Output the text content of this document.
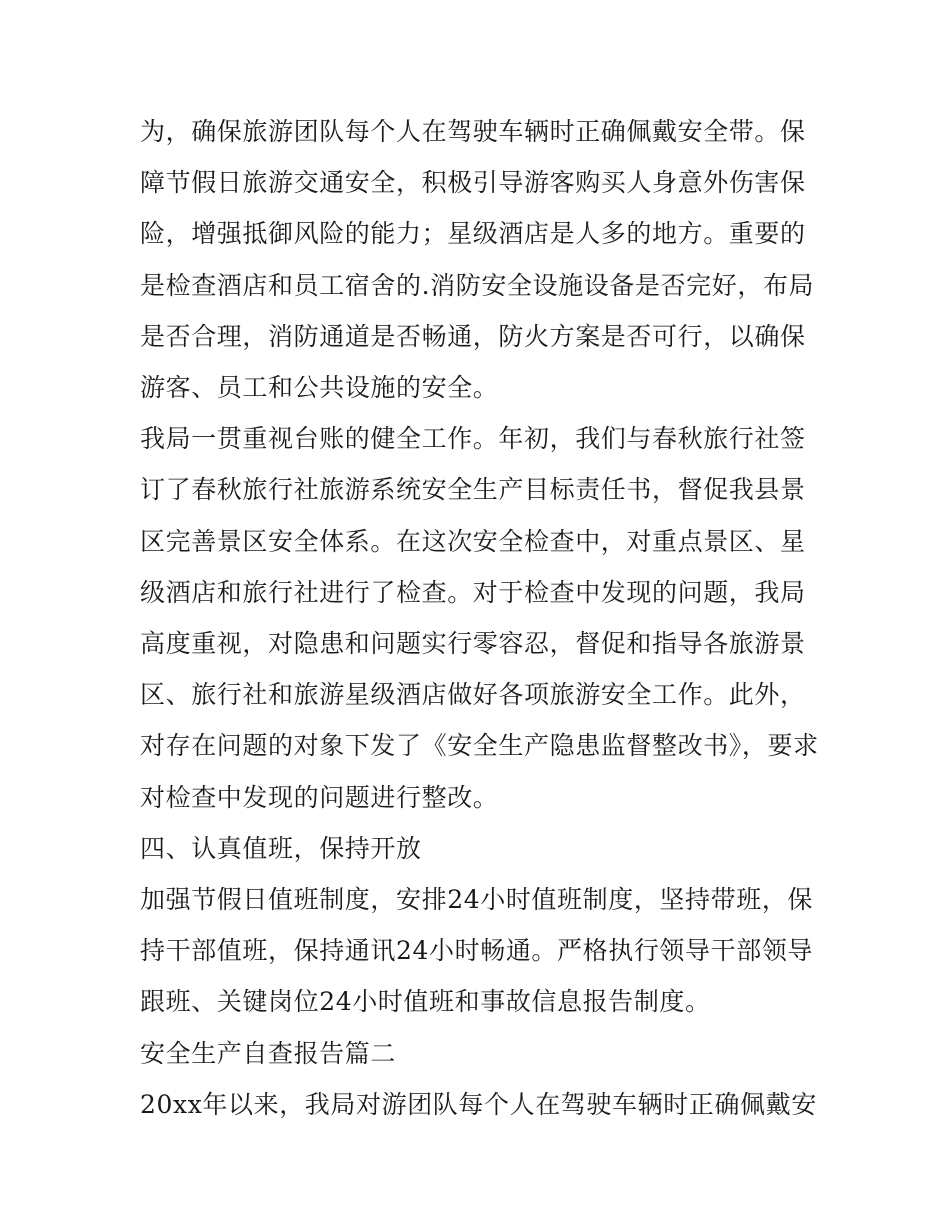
为，确保旅游团队每个人在驾驶车辆时正确佩戴安全带。保障节假日旅游交通安全，积极引导游客购买人身意外伤害保险，增强抵御风险的能力；星级酒店是人多的地方。重要的是检查酒店和员工宿舍的.消防安全设施设备是否完好，布局是否合理，消防通道是否畅通，防火方案是否可行，以确保游客、员工和公共设施的安全。

我局一贯重视台账的健全工作。年初，我们与春秋旅行社签订了春秋旅行社旅游系统安全生产目标责任书，督促我县景区完善景区安全体系。在这次安全检查中，对重点景区、星级酒店和旅行社进行了检查。对于检查中发现的问题，我局高度重视，对隐患和问题实行零容忍，督促和指导各旅游景区、旅行社和旅游星级酒店做好各项旅游安全工作。此外，对存在问题的对象下发了《安全生产隐患监督整改书》，要求对检查中发现的问题进行整改。

四、认真值班，保持开放

加强节假日值班制度，安排24小时值班制度，坚持带班，保持干部值班，保持通讯24小时畅通。严格执行领导干部领导跟班、关键岗位24小时值班和事故信息报告制度。

安全生产自查报告篇二

20xx年以来，我局对游团队每个人在驾驶车辆时正确佩戴安
